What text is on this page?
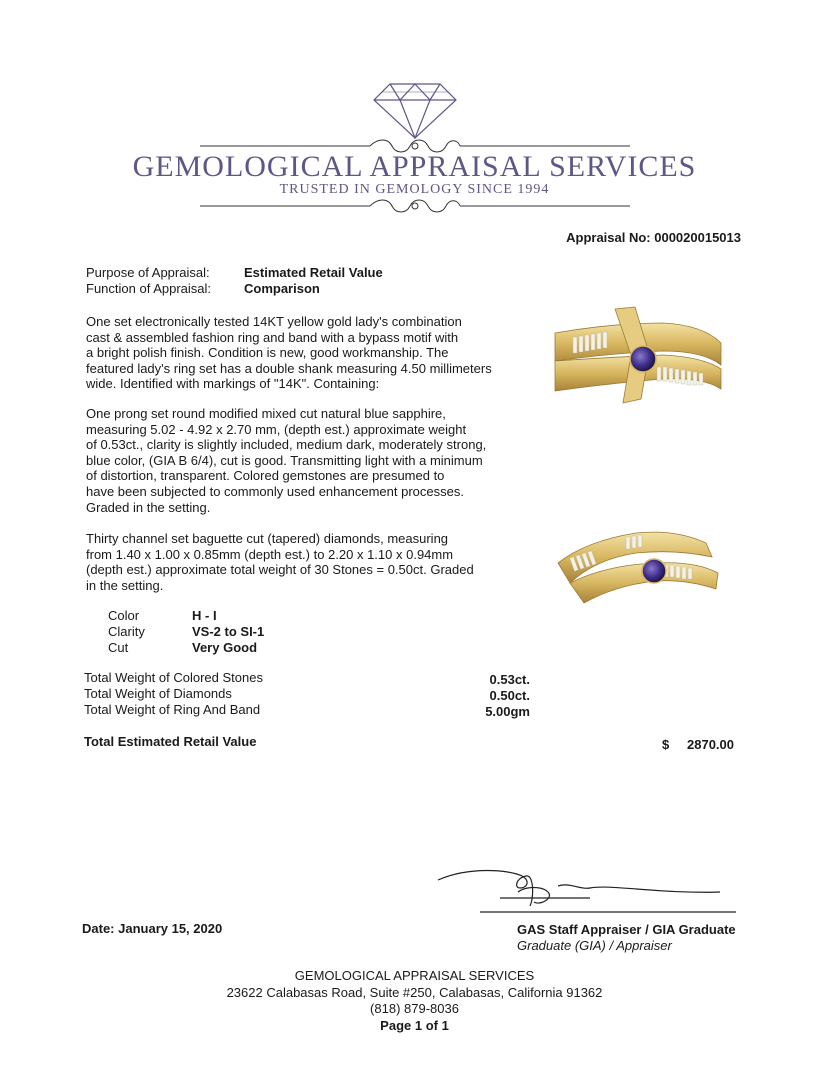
GEMOLOGICAL APPRAISAL SERVICES
TRUSTED IN GEMOLOGY SINCE 1994
Appraisal No: 000020015013
Purpose of Appraisal:	Estimated Retail Value
Function of Appraisal:	Comparison
One set electronically tested 14KT yellow gold lady's combination
cast & assembled fashion ring and band with a bypass motif with
a bright polish finish. Condition is new, good workmanship. The
featured lady's ring set has a double shank measuring 4.50 millimeters
wide. Identified with markings of "14K". Containing:
One prong set round modified mixed cut natural blue sapphire,
measuring 5.02 - 4.92 x 2.70 mm, (depth est.) approximate weight
of 0.53ct., clarity is slightly included, medium dark, moderately strong,
blue color, (GIA B 6/4), cut is good. Transmitting light with a minimum
of distortion, transparent. Colored gemstones are presumed to
have been subjected to commonly used enhancement processes.
Graded in the setting.
Thirty channel set baguette cut (tapered) diamonds, measuring
from 1.40 x 1.00 x 0.85mm (depth est.) to 2.20 x 1.10 x 0.94mm
(depth est.) approximate total weight of 30 Stones = 0.50ct. Graded
in the setting.
Color	H - I
Clarity	VS-2 to SI-1
Cut	Very Good
Total Weight of Colored Stones	0.53ct.
Total Weight of Diamonds	0.50ct.
Total Weight of Ring And Band	5.00gm
Total Estimated Retail Value	$ 2870.00
Date: January 15, 2020	GAS Staff Appraiser / GIA Graduate
Graduate (GIA) / Appraiser
GEMOLOGICAL APPRAISAL SERVICES
23622 Calabasas Road, Suite #250, Calabasas, California 91362
(818) 879-8036
Page 1 of 1
